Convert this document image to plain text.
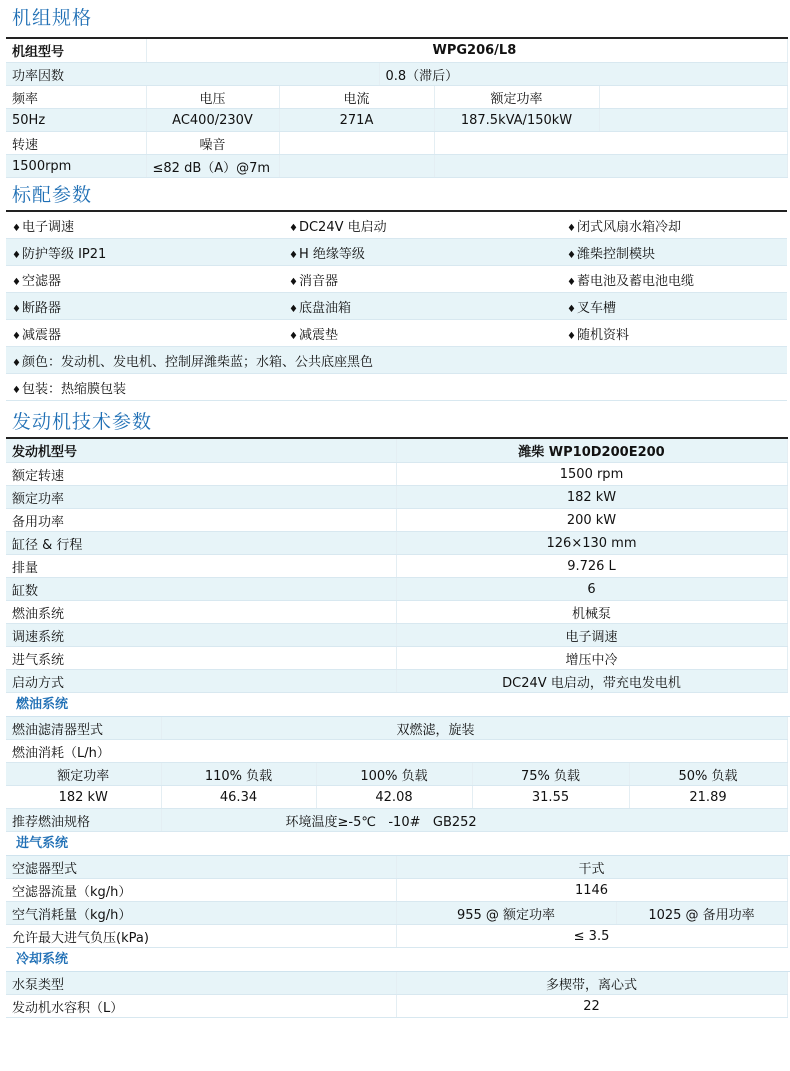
机组规格
机组型号	WPG206/L8				
功率因数			0.8（滞后）		
频率	电压	电流		额定功率	
50Hz	AC400/230V	271A		187.5kVA/150kW	
转速	噪音				
1500rpm	≤82 dB（A）@7m				
标配参数
♦ 电子调速	♦ DC24V 电启动		♦ 闭式风扇水箱冷却
♦ 防护等级 IP21	♦ H 绝缘等级		♦ 潍柴控制模块
♦ 空滤器	♦ 消音器		♦ 蓄电池及蓄电池电缆
♦ 断路器	♦ 底盘油箱		♦ 叉车槽
♦ 减震器	♦ 减震垫		♦ 随机资料
♦ 颜色：发动机、发电机、控制屏潍柴蓝；水箱、公共底座黑色	
♦ 包装：热缩膜包装
发动机技术参数
发动机型号	潍柴 WP10D200E200
额定转速	1500 rpm
额定功率	182 kW
备用功率	200 kW
缸径 & 行程	126×130 mm
排量	9.726 L
缸数	6
燃油系统	机械泵
调速系统	电子调速
进气系统	增压中冷
启动方式	DC24V 电启动，带充电发电机
燃油系统
燃油滤清器型式	双燃滤，旋装			
燃油消耗（L/h）				
额定功率	110% 负载	100% 负载	75% 负载	50% 负载
182 kW	46.34	42.08	31.55	21.89
推荐燃油规格	环境温度≥-5℃   -10#   GB252			
进气系统
空滤器型式	干式	
空滤器流量（kg/h）	1146	
空气消耗量（kg/h）	955 @ 额定功率	1025 @ 备用功率
允许最大进气负压(kPa)	≤ 3.5	
冷却系统
水泵类型	多楔带，离心式
发动机水容积（L）	22
